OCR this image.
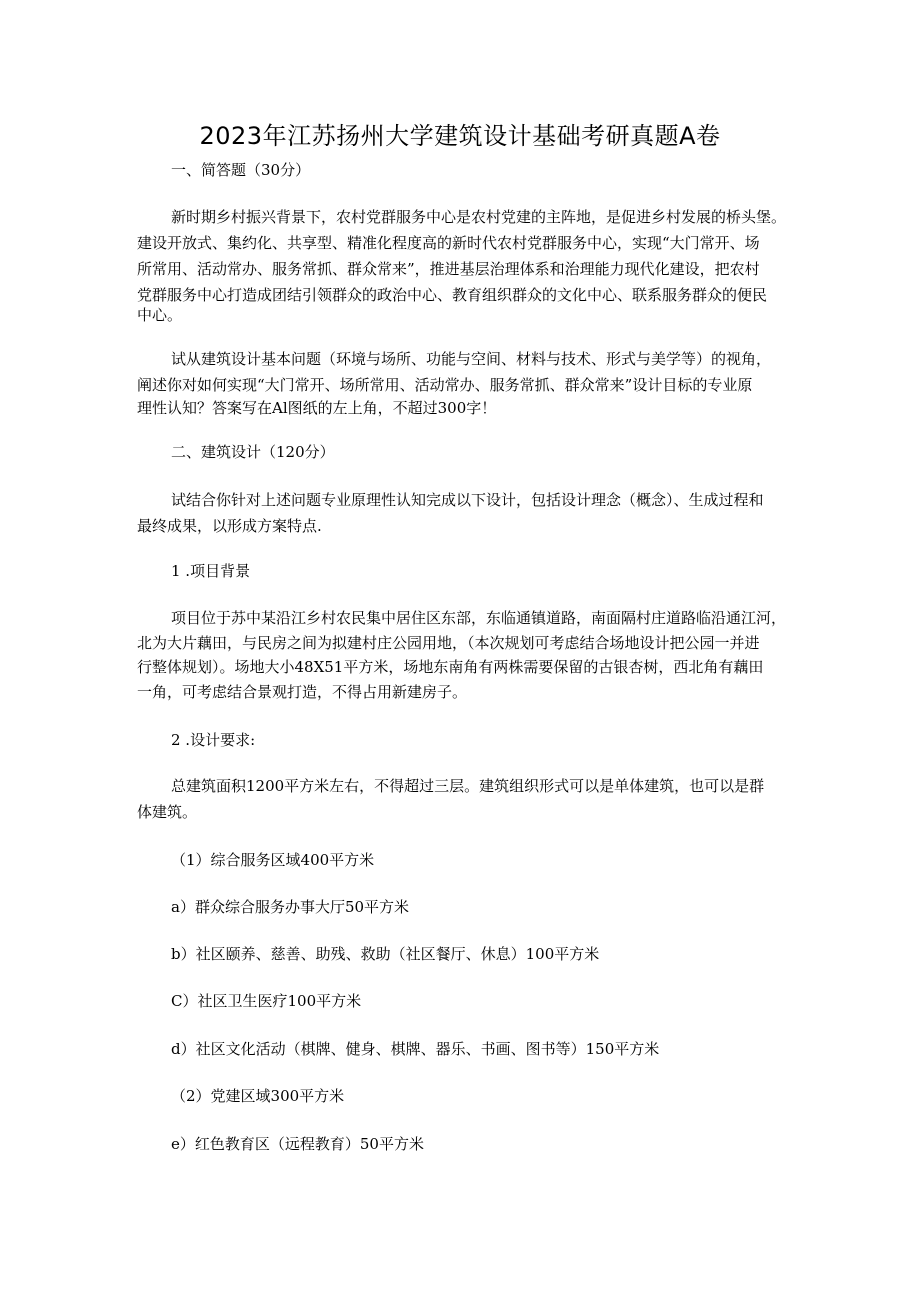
2023年江苏扬州大学建筑设计基础考研真题A卷
一、简答题（30分）
新时期乡村振兴背景下，农村党群服务中心是农村党建的主阵地，是促进乡村发展的桥头堡。
建设开放式、集约化、共享型、精准化程度高的新时代农村党群服务中心，实现“大门常开、场
所常用、活动常办、服务常抓、群众常来”，推进基层治理体系和治理能力现代化建设，把农村
党群服务中心打造成团结引领群众的政治中心、教育组织群众的文化中心、联系服务群众的便民
中心。
试从建筑设计基本问题（环境与场所、功能与空间、材料与技术、形式与美学等）的视角，
阐述你对如何实现“大门常开、场所常用、活动常办、服务常抓、群众常来”设计目标的专业原
理性认知？答案写在Al图纸的左上角，不超过300字！
二、建筑设计（120分）
试结合你针对上述问题专业原理性认知完成以下设计，包括设计理念（概念）、生成过程和
最终成果，以形成方案特点.
1 .项目背景
项目位于苏中某沿江乡村农民集中居住区东部，东临通镇道路，南面隔村庄道路临沿通江河，
北为大片藕田，与民房之间为拟建村庄公园用地，（本次规划可考虑结合场地设计把公园一并进
行整体规划）。场地大小48X51平方米，场地东南角有两株需要保留的古银杏树，西北角有藕田
一角，可考虑结合景观打造，不得占用新建房子。
2 .设计要求:
总建筑面积1200平方米左右，不得超过三层。建筑组织形式可以是单体建筑，也可以是群
体建筑。
（1）综合服务区域400平方米
a）群众综合服务办事大厅50平方米
b）社区颐养、慈善、助残、救助（社区餐厅、休息）100平方米
C）社区卫生医疗100平方米
d）社区文化活动（棋牌、健身、棋牌、器乐、书画、图书等）150平方米
（2）党建区域300平方米
e）红色教育区（远程教育）50平方米
